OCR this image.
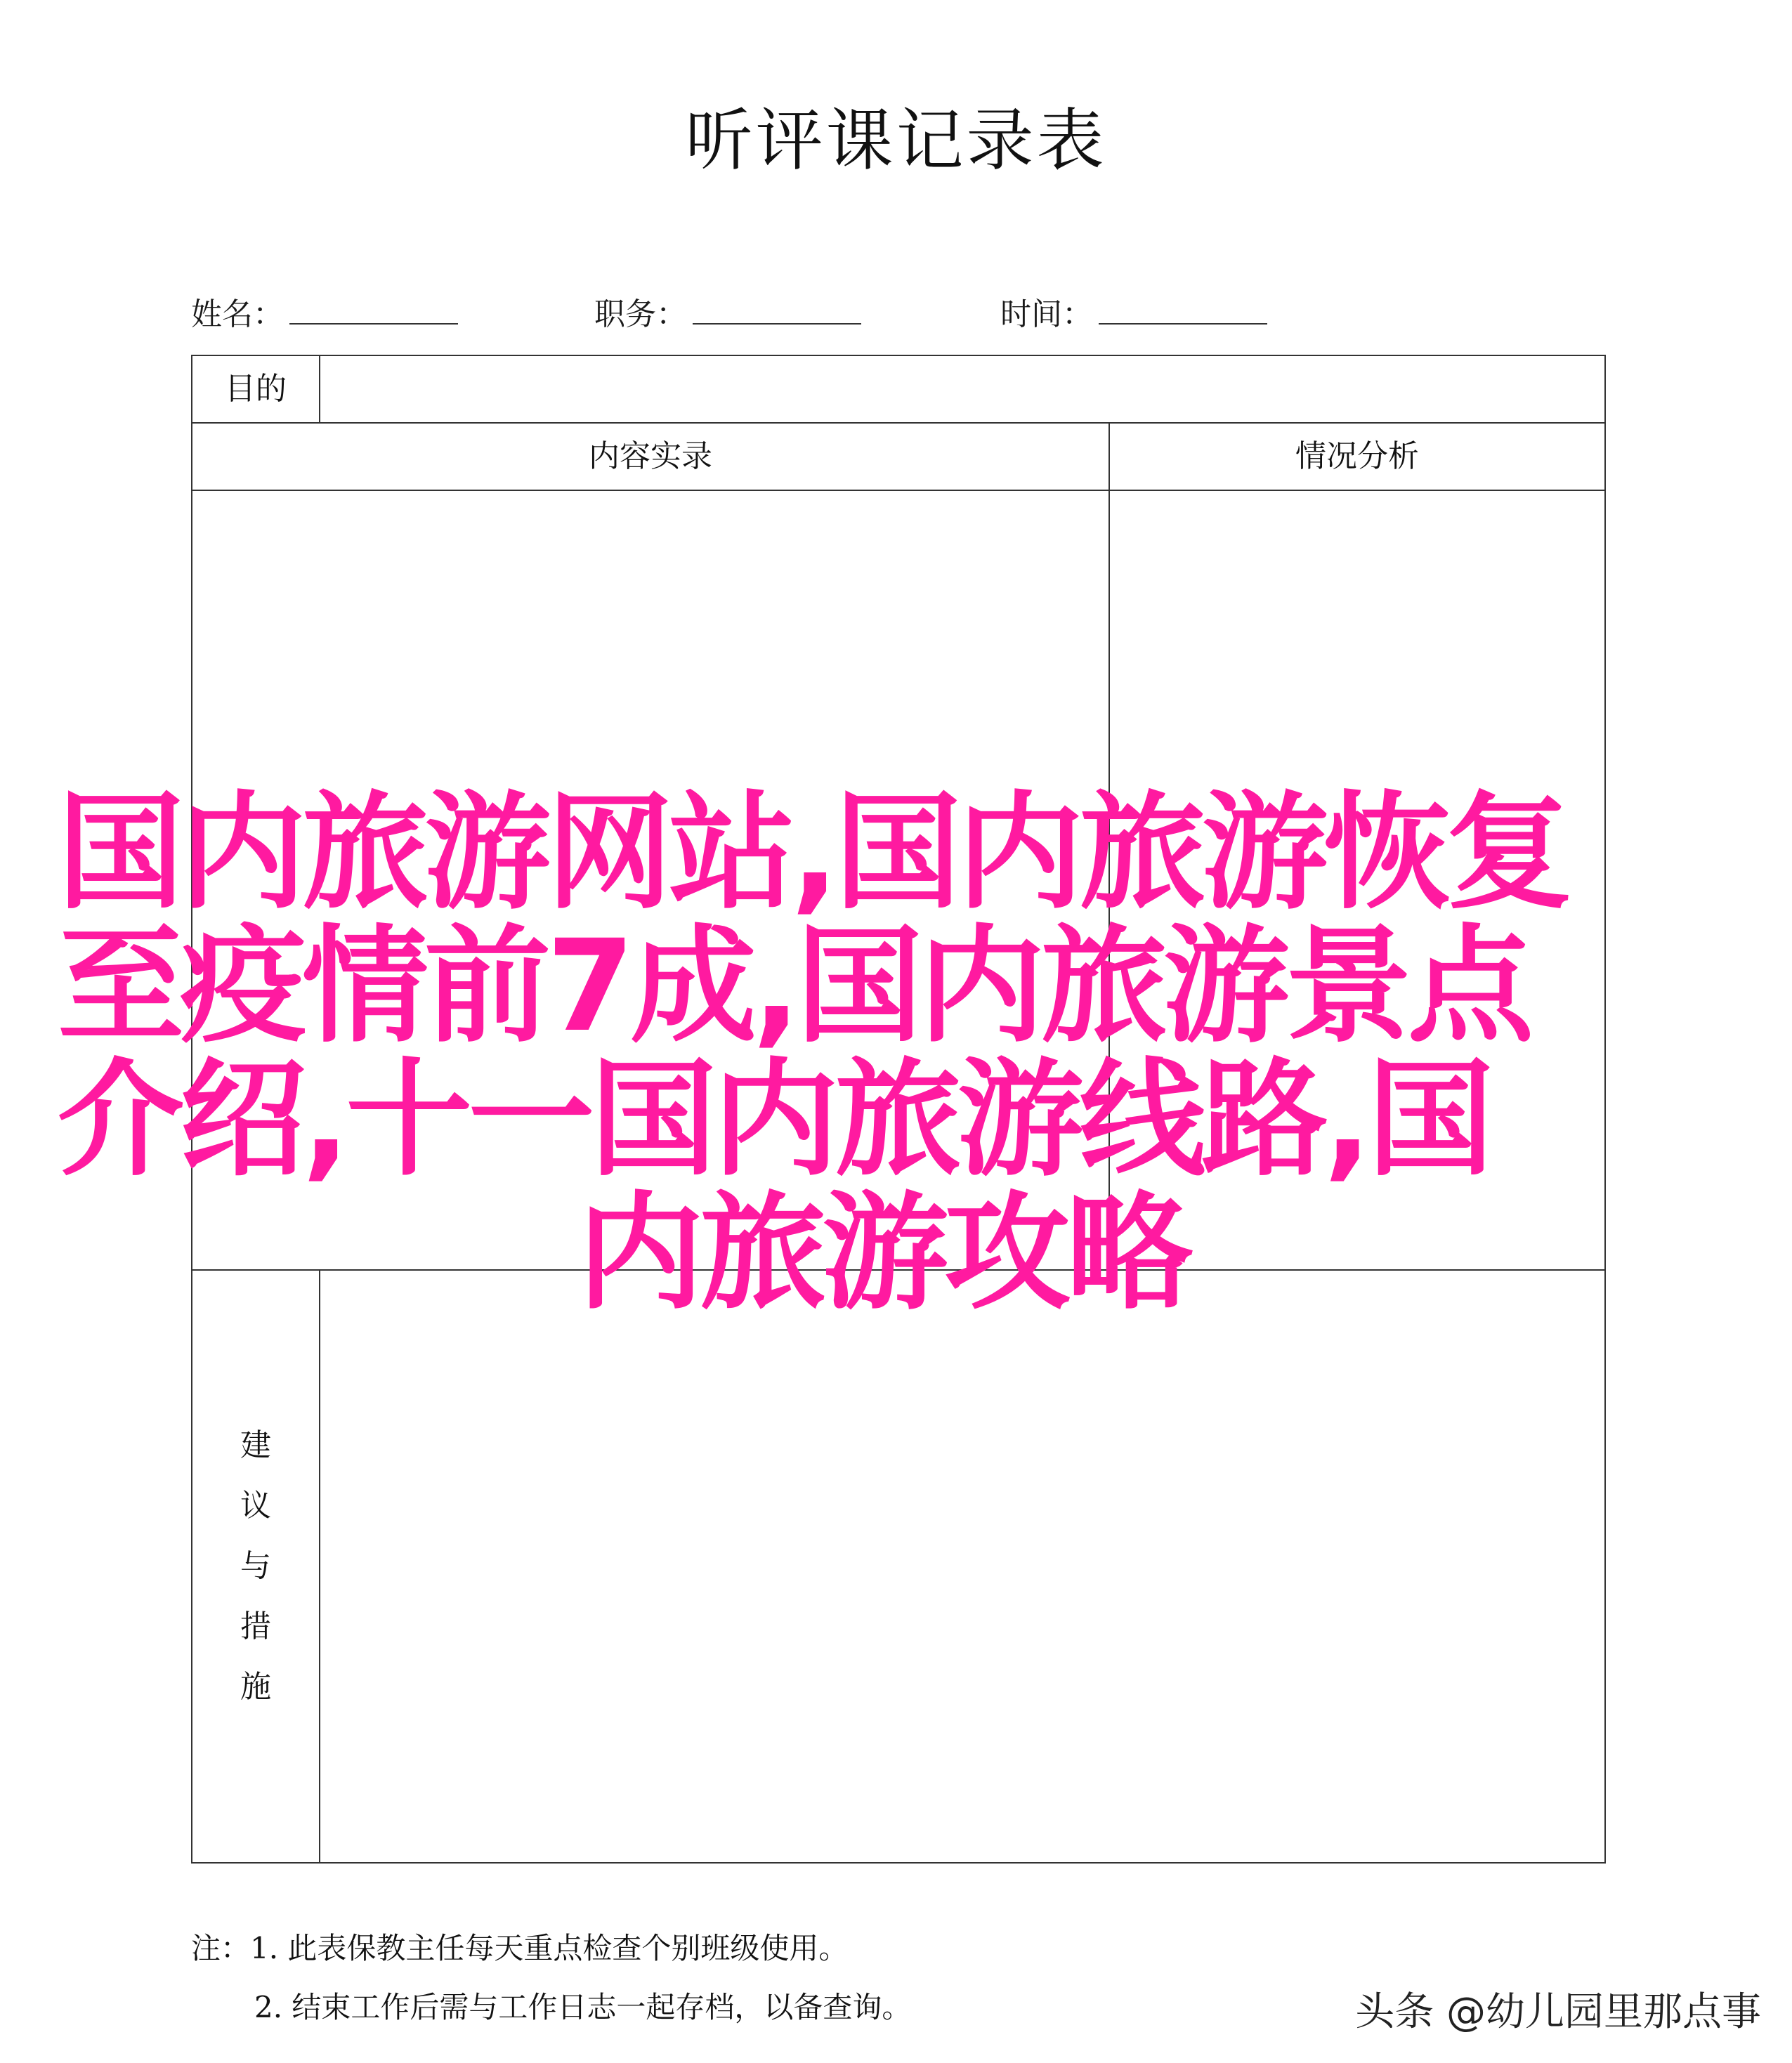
听评课记录表
姓名：	职务：	时间：
目的
内容实录	情况分析
建
议
与
措
施
注：1. 此表保教主任每天重点检查个别班级使用。
2. 结束工作后需与工作日志一起存档，以备查询。
国内旅游网站,国内旅游恢复
至疫情前7成,国内旅游景点
介绍,十一国内旅游线路,国
内旅游攻略
头条 @幼儿园里那点事
